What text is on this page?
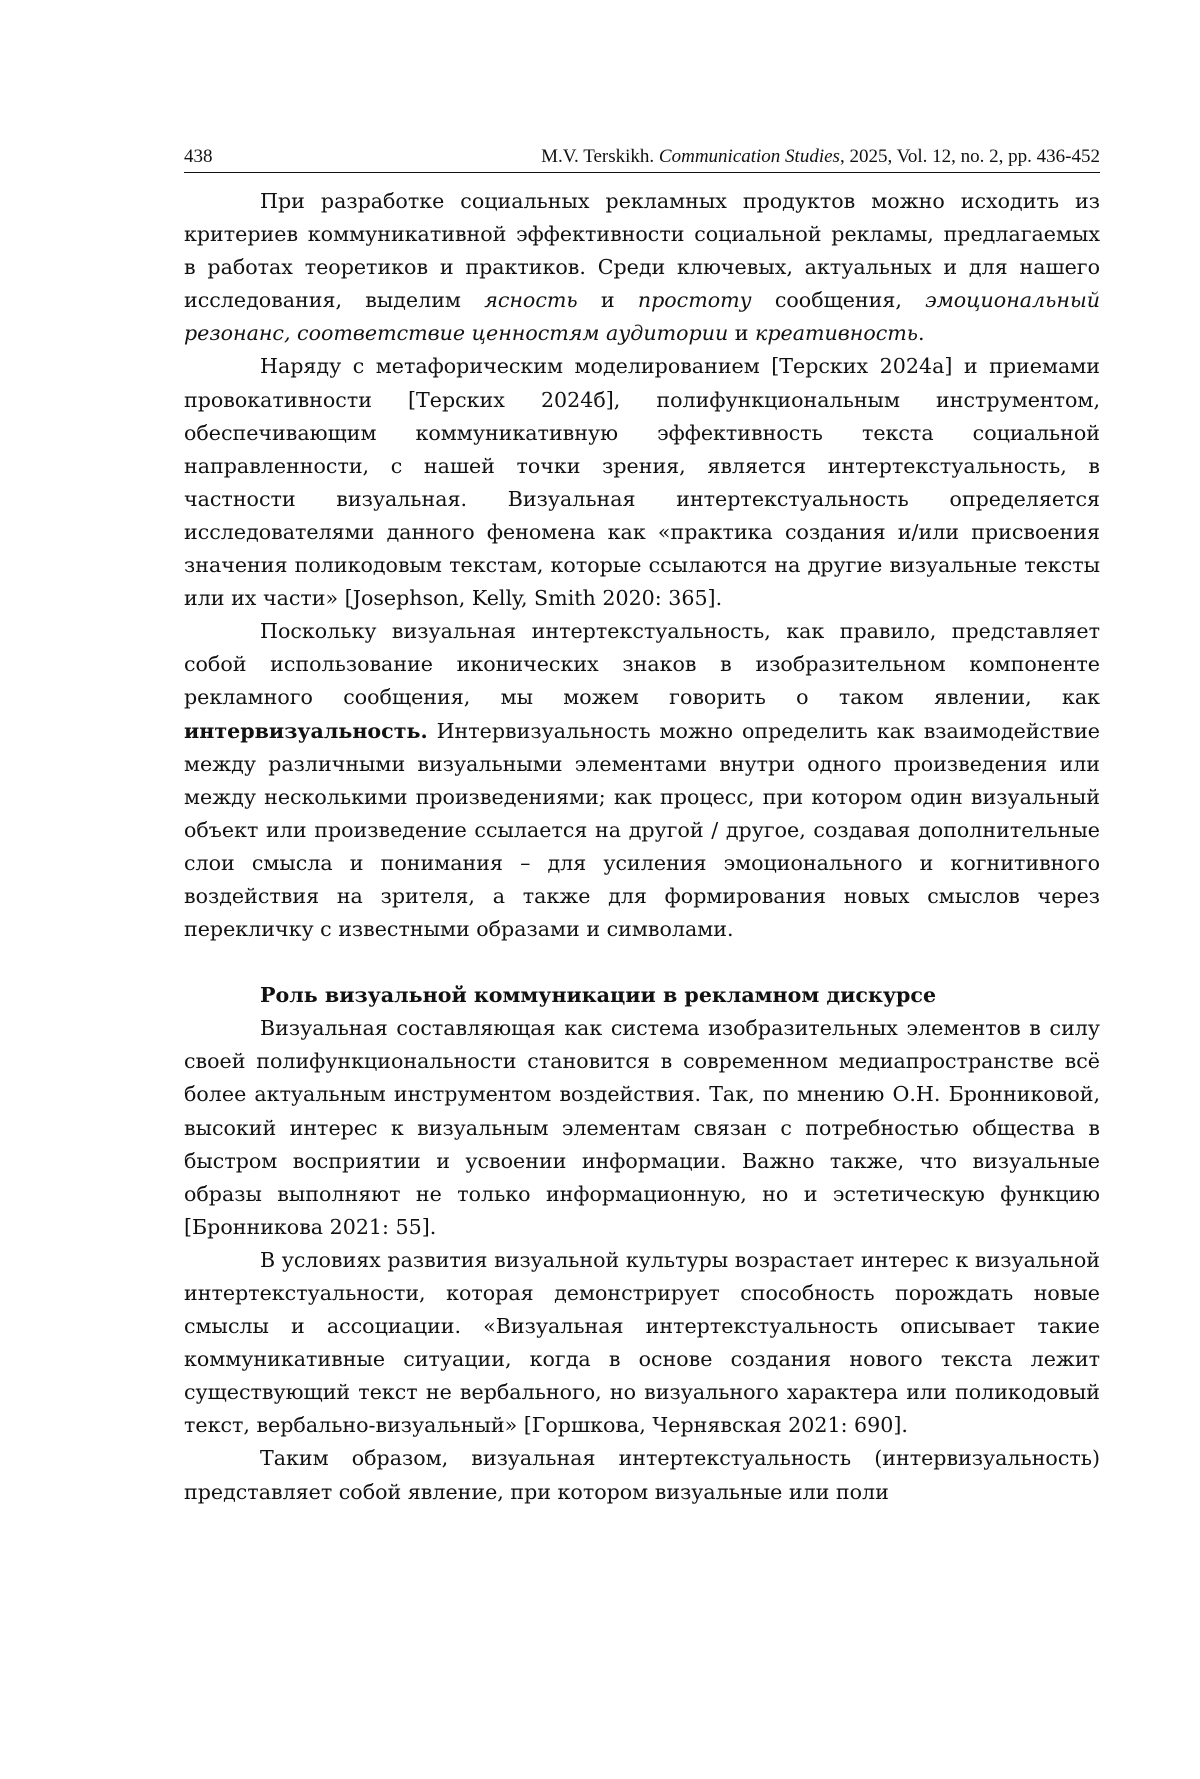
438	M.V. Terskikh. Communication Studies, 2025, Vol. 12, no. 2, pp. 436-452

При разработке социальных рекламных продуктов можно исходить из критериев коммуникативной эффективности социальной рекламы, предлагаемых в работах теоретиков и практиков. Среди ключевых, актуальных и для нашего исследования, выделим ясность и простоту сообщения, эмоциональный резонанс, соответствие ценностям аудитории и креативность.

Наряду с метафорическим моделированием [Терских 2024а] и приемами провокативности [Терских 2024б], полифункциональным инструментом, обеспечивающим коммуникативную эффективность текста социальной направленности, с нашей точки зрения, является интертекстуальность, в частности визуальная. Визуальная интертекстуальность определяется исследователями данного феномена как «практика создания и/или присвоения значения поликодовым текстам, которые ссылаются на другие визуальные тексты или их части» [Josephson, Kelly, Smith 2020: 365].

Поскольку визуальная интертекстуальность, как правило, представляет собой использование иконических знаков в изобразительном компоненте рекламного сообщения, мы можем говорить о таком явлении, как интервизуальность. Интервизуальность можно определить как взаимодействие между различными визуальными элементами внутри одного произведения или между несколькими произведениями; как процесс, при котором один визуальный объект или произведение ссылается на другой / другое, создавая дополнительные слои смысла и понимания – для усиления эмоционального и когнитивного воздействия на зрителя, а также для формирования новых смыслов через перекличку с известными образами и символами.

Роль визуальной коммуникации в рекламном дискурсе

Визуальная составляющая как система изобразительных элементов в силу своей полифункциональности становится в современном медиапространстве всё более актуальным инструментом воздействия. Так, по мнению О.Н. Бронниковой, высокий интерес к визуальным элементам связан с потребностью общества в быстром восприятии и усвоении информации. Важно также, что визуальные образы выполняют не только информационную, но и эстетическую функцию [Бронникова 2021: 55].

В условиях развития визуальной культуры возрастает интерес к визуальной интертекстуальности, которая демонстрирует способность порождать новые смыслы и ассоциации. «Визуальная интертекстуальность описывает такие коммуникативные ситуации, когда в основе создания нового текста лежит существующий текст не вербального, но визуального характера или поликодовый текст, вербально-визуальный» [Горшкова, Чернявская 2021: 690].

Таким образом, визуальная интертекстуальность (интервизуальность) представляет собой явление, при котором визуальные или поли
